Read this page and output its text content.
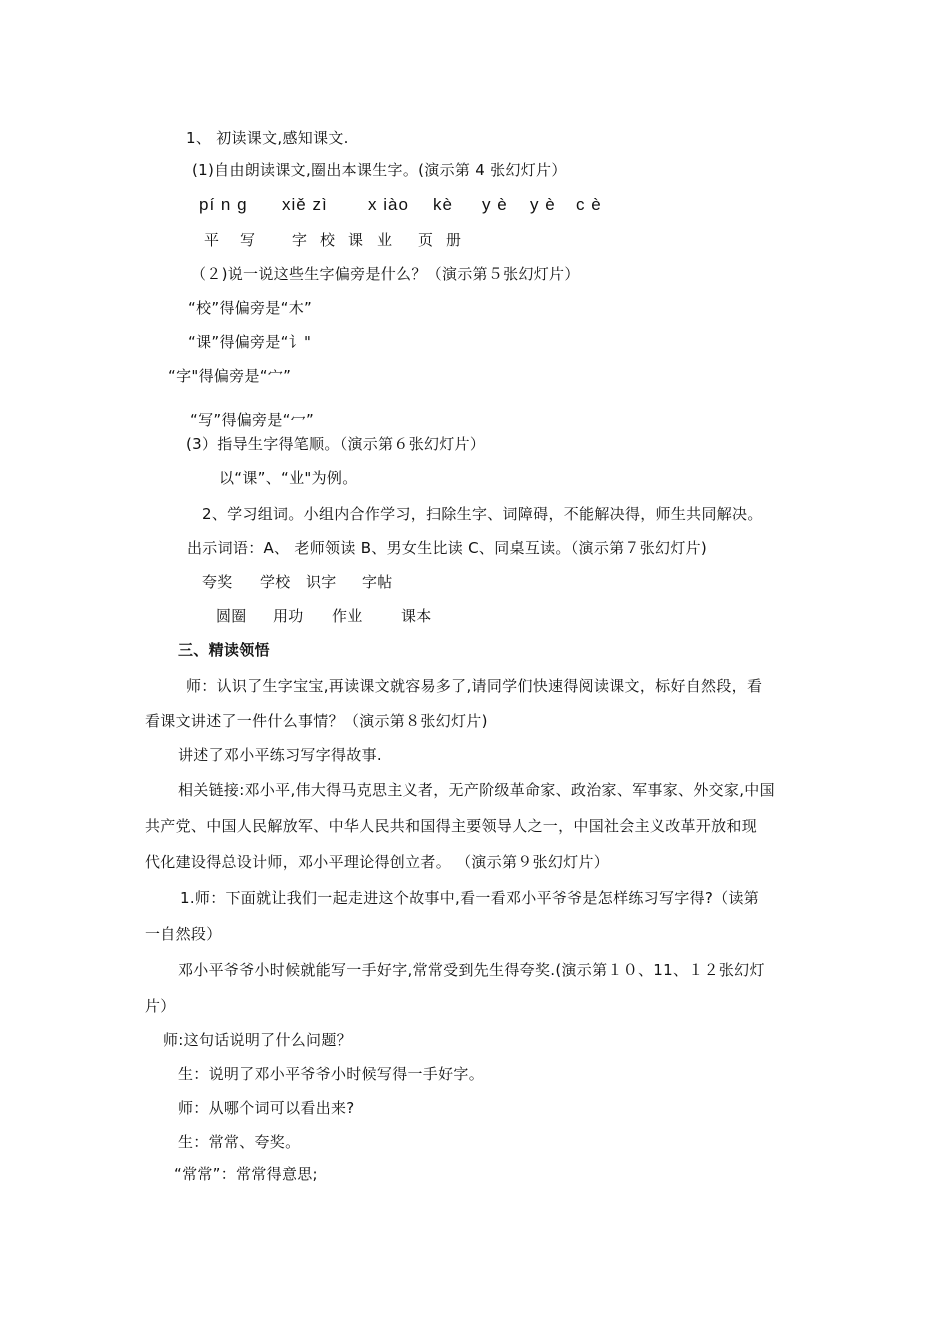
1、 初读课文,感知课文.
(1)自由朗读课文,圈出本课生字。(演示第 4 张幻灯片）
pí n g xiě zì x iào kè y è y è c è
平 写 字 校 课 业 页 册
（２)说一说这些生字偏旁是什么？（演示第５张幻灯片）
“校”得偏旁是“木”
“课”得偏旁是“讠"
“字"得偏旁是“宀”
“写”得偏旁是“冖”
(3）指导生字得笔顺。（演示第６张幻灯片）
以“课”、“业"为例。
2、学习组词。小组内合作学习，扫除生字、词障碍，不能解决得，师生共同解决。
出示词语：A、 老师领读 B、男女生比读 C、同桌互读。（演示第７张幻灯片)
夸奖 学校 识字 字帖
圆圈 用功 作业	课本
三、精读领悟
师：认识了生字宝宝,再读课文就容易多了,请同学们快速得阅读课文，标好自然段，看
看课文讲述了一件什么事情？（演示第８张幻灯片)
讲述了邓小平练习写字得故事.
相关链接:邓小平,伟大得马克思主义者，无产阶级革命家、政治家、军事家、外交家,中国
共产党、中国人民解放军、中华人民共和国得主要领导人之一，中国社会主义改革开放和现
代化建设得总设计师，邓小平理论得创立者。 （演示第９张幻灯片）
1.师：下面就让我们一起走进这个故事中,看一看邓小平爷爷是怎样练习写字得?（读第
一自然段）
邓小平爷爷小时候就能写一手好字,常常受到先生得夸奖.(演示第１０、11、１２张幻灯
片）
师:这句话说明了什么问题？
生：说明了邓小平爷爷小时候写得一手好字。
师：从哪个词可以看出来?
生：常常、夸奖。
“常常”：常常得意思;
